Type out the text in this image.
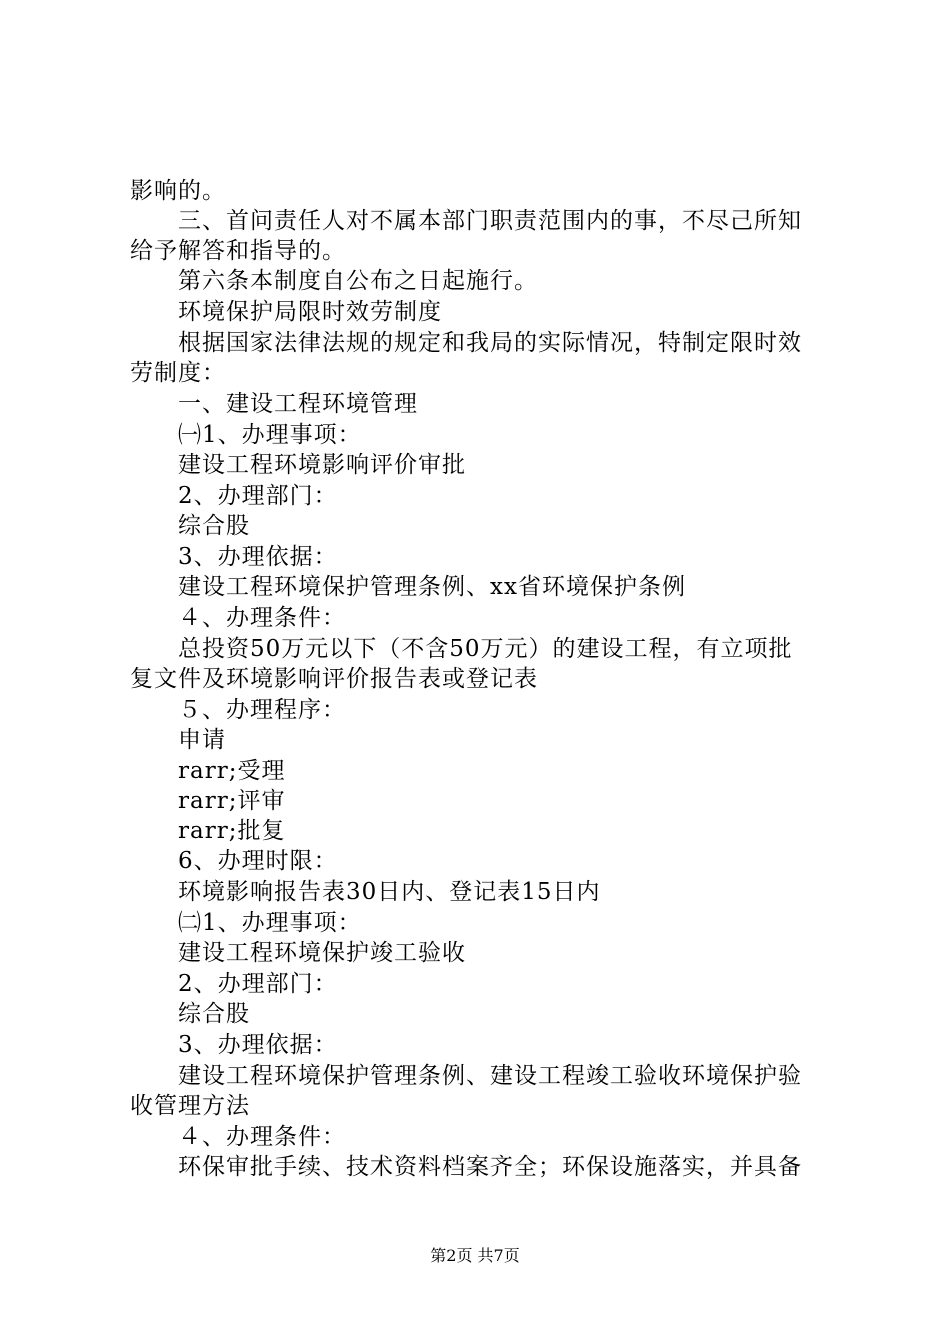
影响的。
三、首问责任人对不属本部门职责范围内的事，不尽己所知
给予解答和指导的。
第六条本制度自公布之日起施行。
环境保护局限时效劳制度
根据国家法律法规的规定和我局的实际情况，特制定限时效
劳制度：
一、建设工程环境管理
㈠1、办理事项：
建设工程环境影响评价审批
2、办理部门：
综合股
3、办理依据：
建设工程环境保护管理条例、xx省环境保护条例
４、办理条件：
总投资50万元以下（不含50万元）的建设工程，有立项批
复文件及环境影响评价报告表或登记表
５、办理程序：
申请
rarr;受理
rarr;评审
rarr;批复
6、办理时限：
环境影响报告表30日内、登记表15日内
㈡1、办理事项：
建设工程环境保护竣工验收
2、办理部门：
综合股
3、办理依据：
建设工程环境保护管理条例、建设工程竣工验收环境保护验
收管理方法
４、办理条件：
环保审批手续、技术资料档案齐全；环保设施落实，并具备
第2页 共7页
